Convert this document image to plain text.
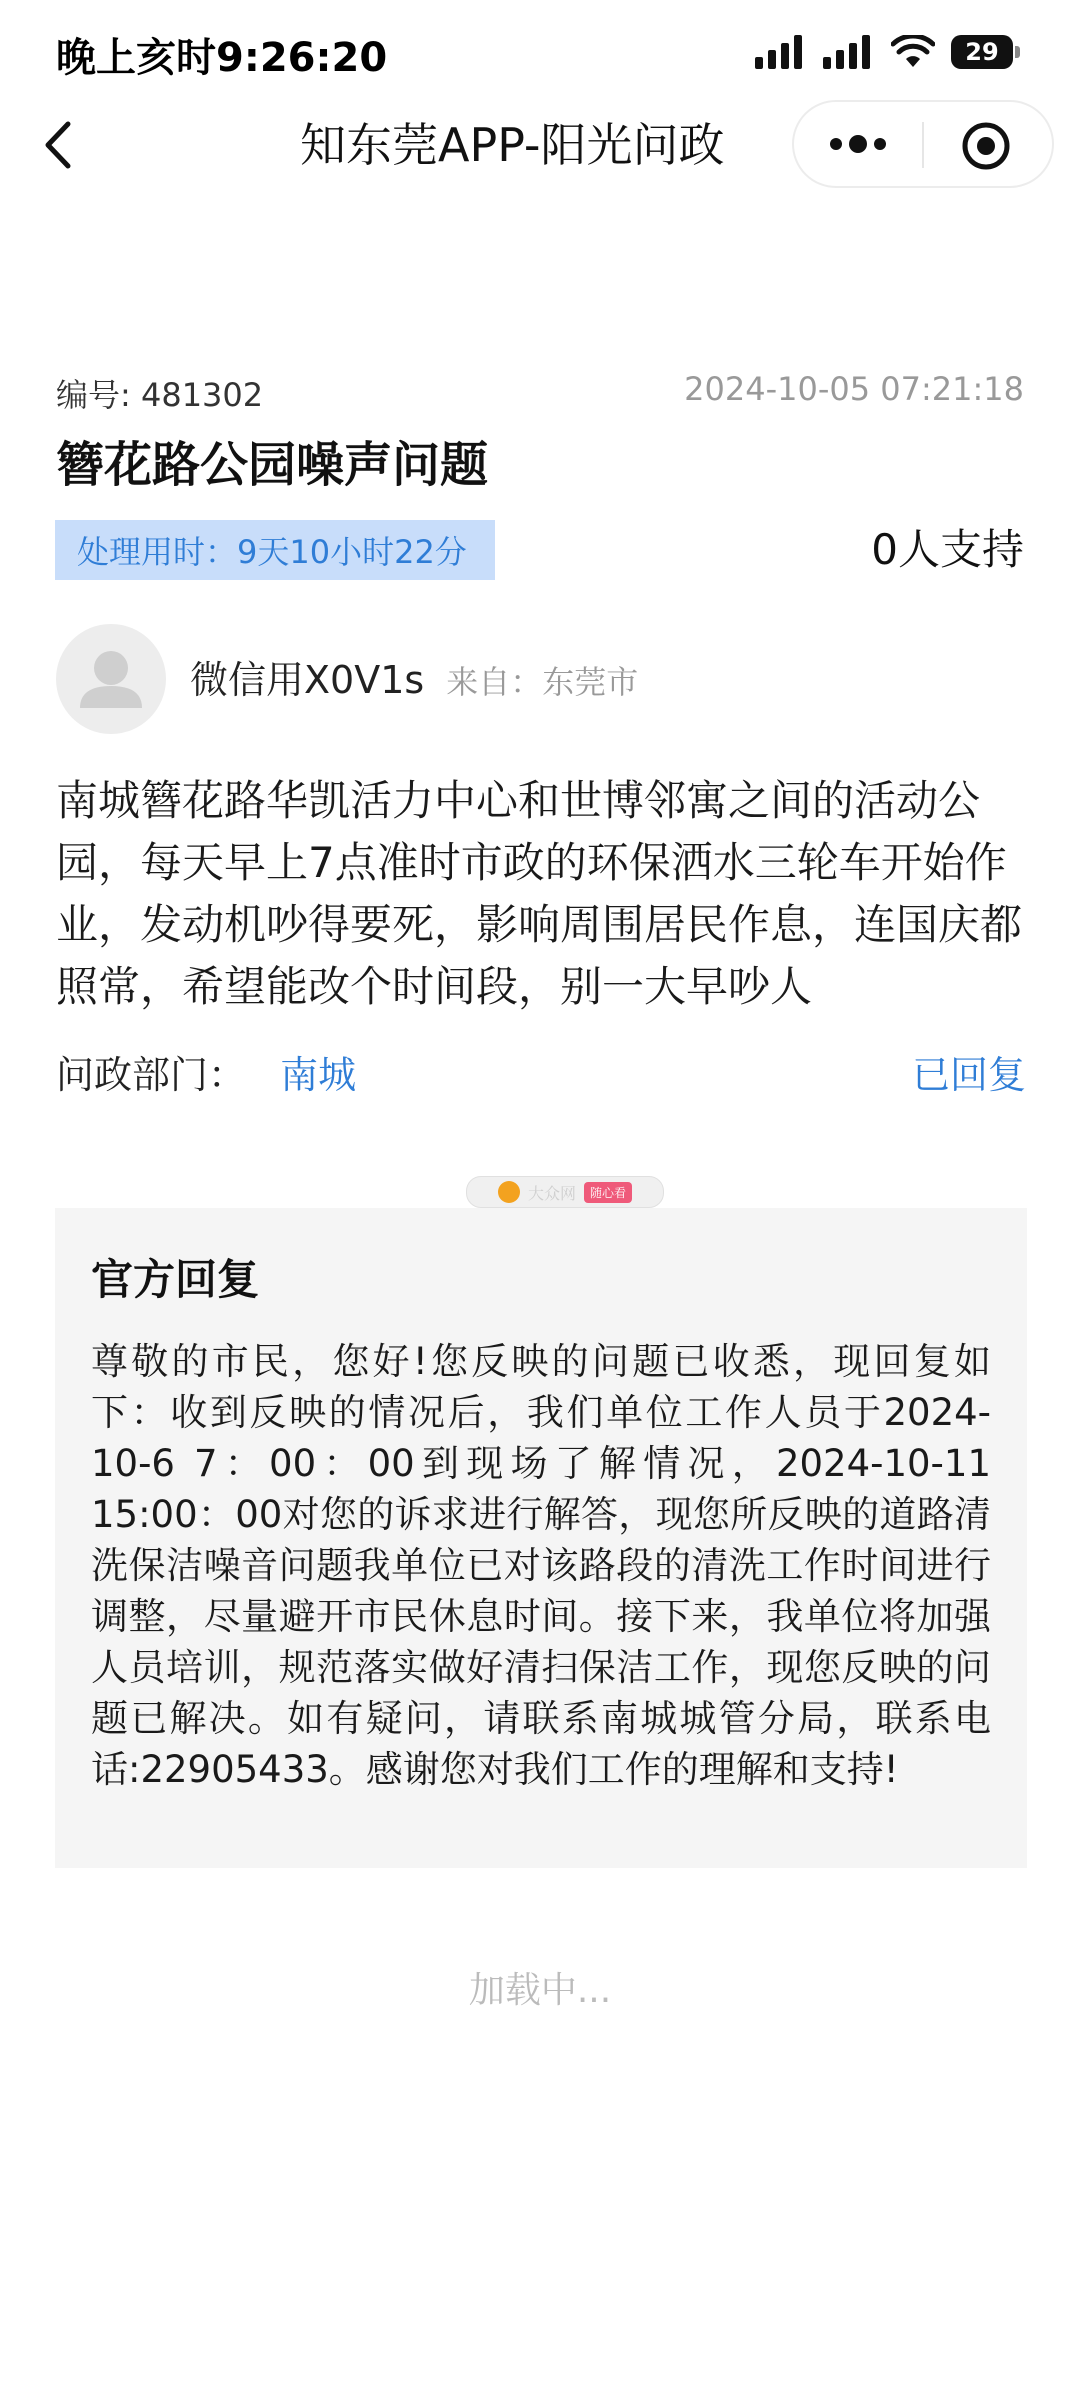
晚上亥时9:26:20	29
知东莞APP-阳光问政
编号: 481302	2024-10-05 07:21:18
簪花路公园噪声问题
处理用时：9天10小时22分	0人支持
微信用X0V1s 来自：东莞市
南城簪花路华凯活力中心和世博邻寓之间的活动公园，每天早上7点准时市政的环保洒水三轮车开始作业，发动机吵得要死，影响周围居民作息，连国庆都照常，希望能改个时间段，别一大早吵人
问政部门： 南城	已回复
大众网	随心看
官方回复
尊敬的市民，您好!您反映的问题已收悉，现回复如下：收到反映的情况后，我们单位工作人员于2024-10-6 7：00：00到现场了解情况，2024-10-11 15:00：00对您的诉求进行解答，现您所反映的道路清洗保洁噪音问题我单位已对该路段的清洗工作时间进行调整，尽量避开市民休息时间。接下来，我单位将加强人员培训，规范落实做好清扫保洁工作，现您反映的问题已解决。如有疑问，请联系南城城管分局，联系电话:22905433。感谢您对我们工作的理解和支持!
加载中...
